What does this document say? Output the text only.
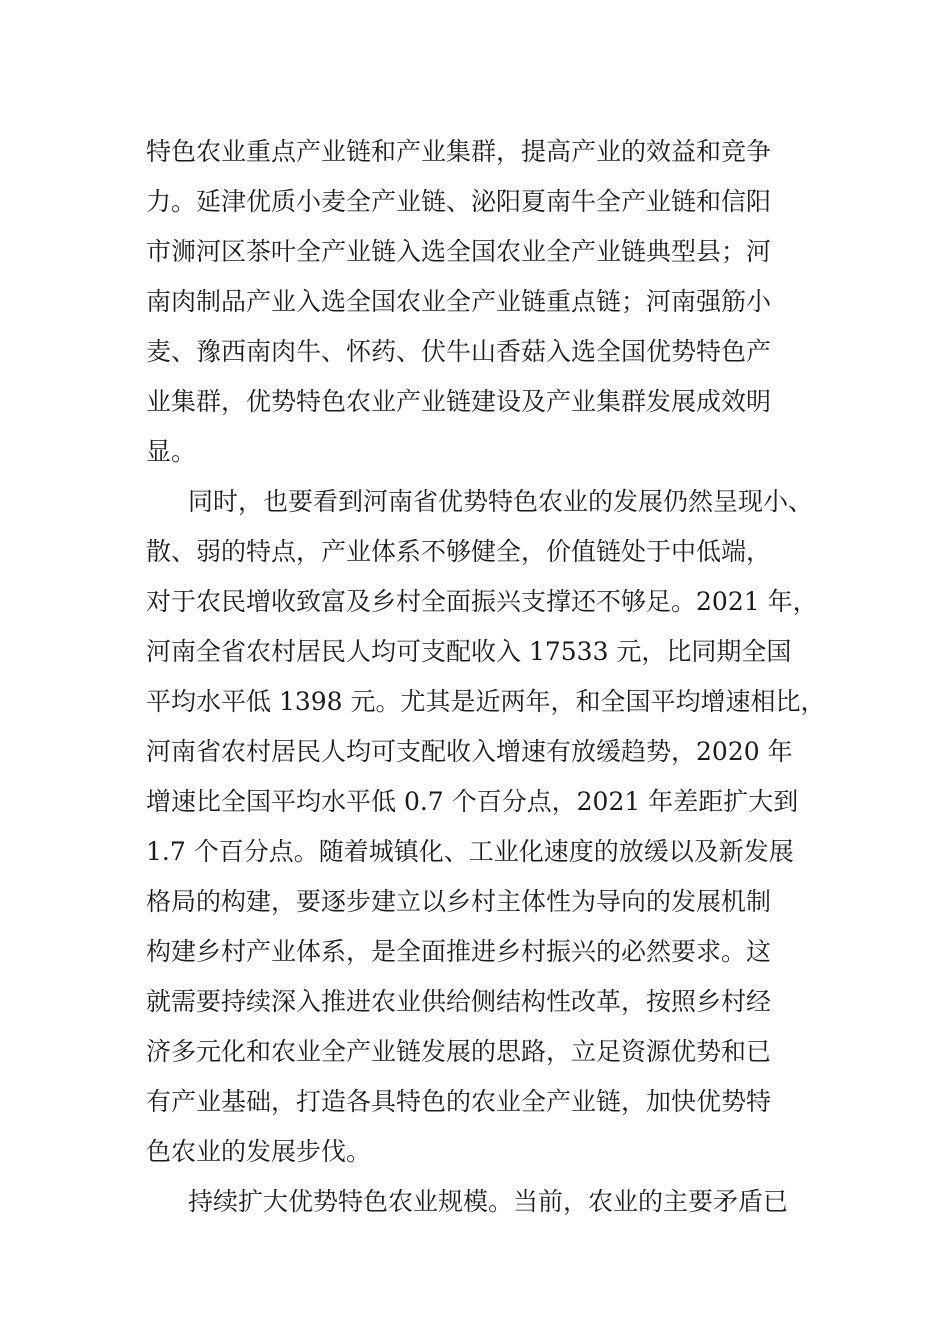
特色农业重点产业链和产业集群，提高产业的效益和竞争

力。延津优质小麦全产业链、泌阳夏南牛全产业链和信阳

市浉河区茶叶全产业链入选全国农业全产业链典型县；河

南肉制品产业入选全国农业全产业链重点链；河南强筋小

麦、豫西南肉牛、怀药、伏牛山香菇入选全国优势特色产

业集群，优势特色农业产业链建设及产业集群发展成效明

显。

同时，也要看到河南省优势特色农业的发展仍然呈现小、

散、弱的特点，产业体系不够健全，价值链处于中低端，

对于农民增收致富及乡村全面振兴支撑还不够足。2021 年，

河南全省农村居民人均可支配收入 17533 元，比同期全国

平均水平低 1398 元。尤其是近两年，和全国平均增速相比，

河南省农村居民人均可支配收入增速有放缓趋势，2020 年

增速比全国平均水平低 0.7 个百分点，2021 年差距扩大到

1.7 个百分点。随着城镇化、工业化速度的放缓以及新发展

格局的构建，要逐步建立以乡村主体性为导向的发展机制

构建乡村产业体系，是全面推进乡村振兴的必然要求。这

就需要持续深入推进农业供给侧结构性改革，按照乡村经

济多元化和农业全产业链发展的思路，立足资源优势和已

有产业基础，打造各具特色的农业全产业链，加快优势特

色农业的发展步伐。

持续扩大优势特色农业规模。当前，农业的主要矛盾已
